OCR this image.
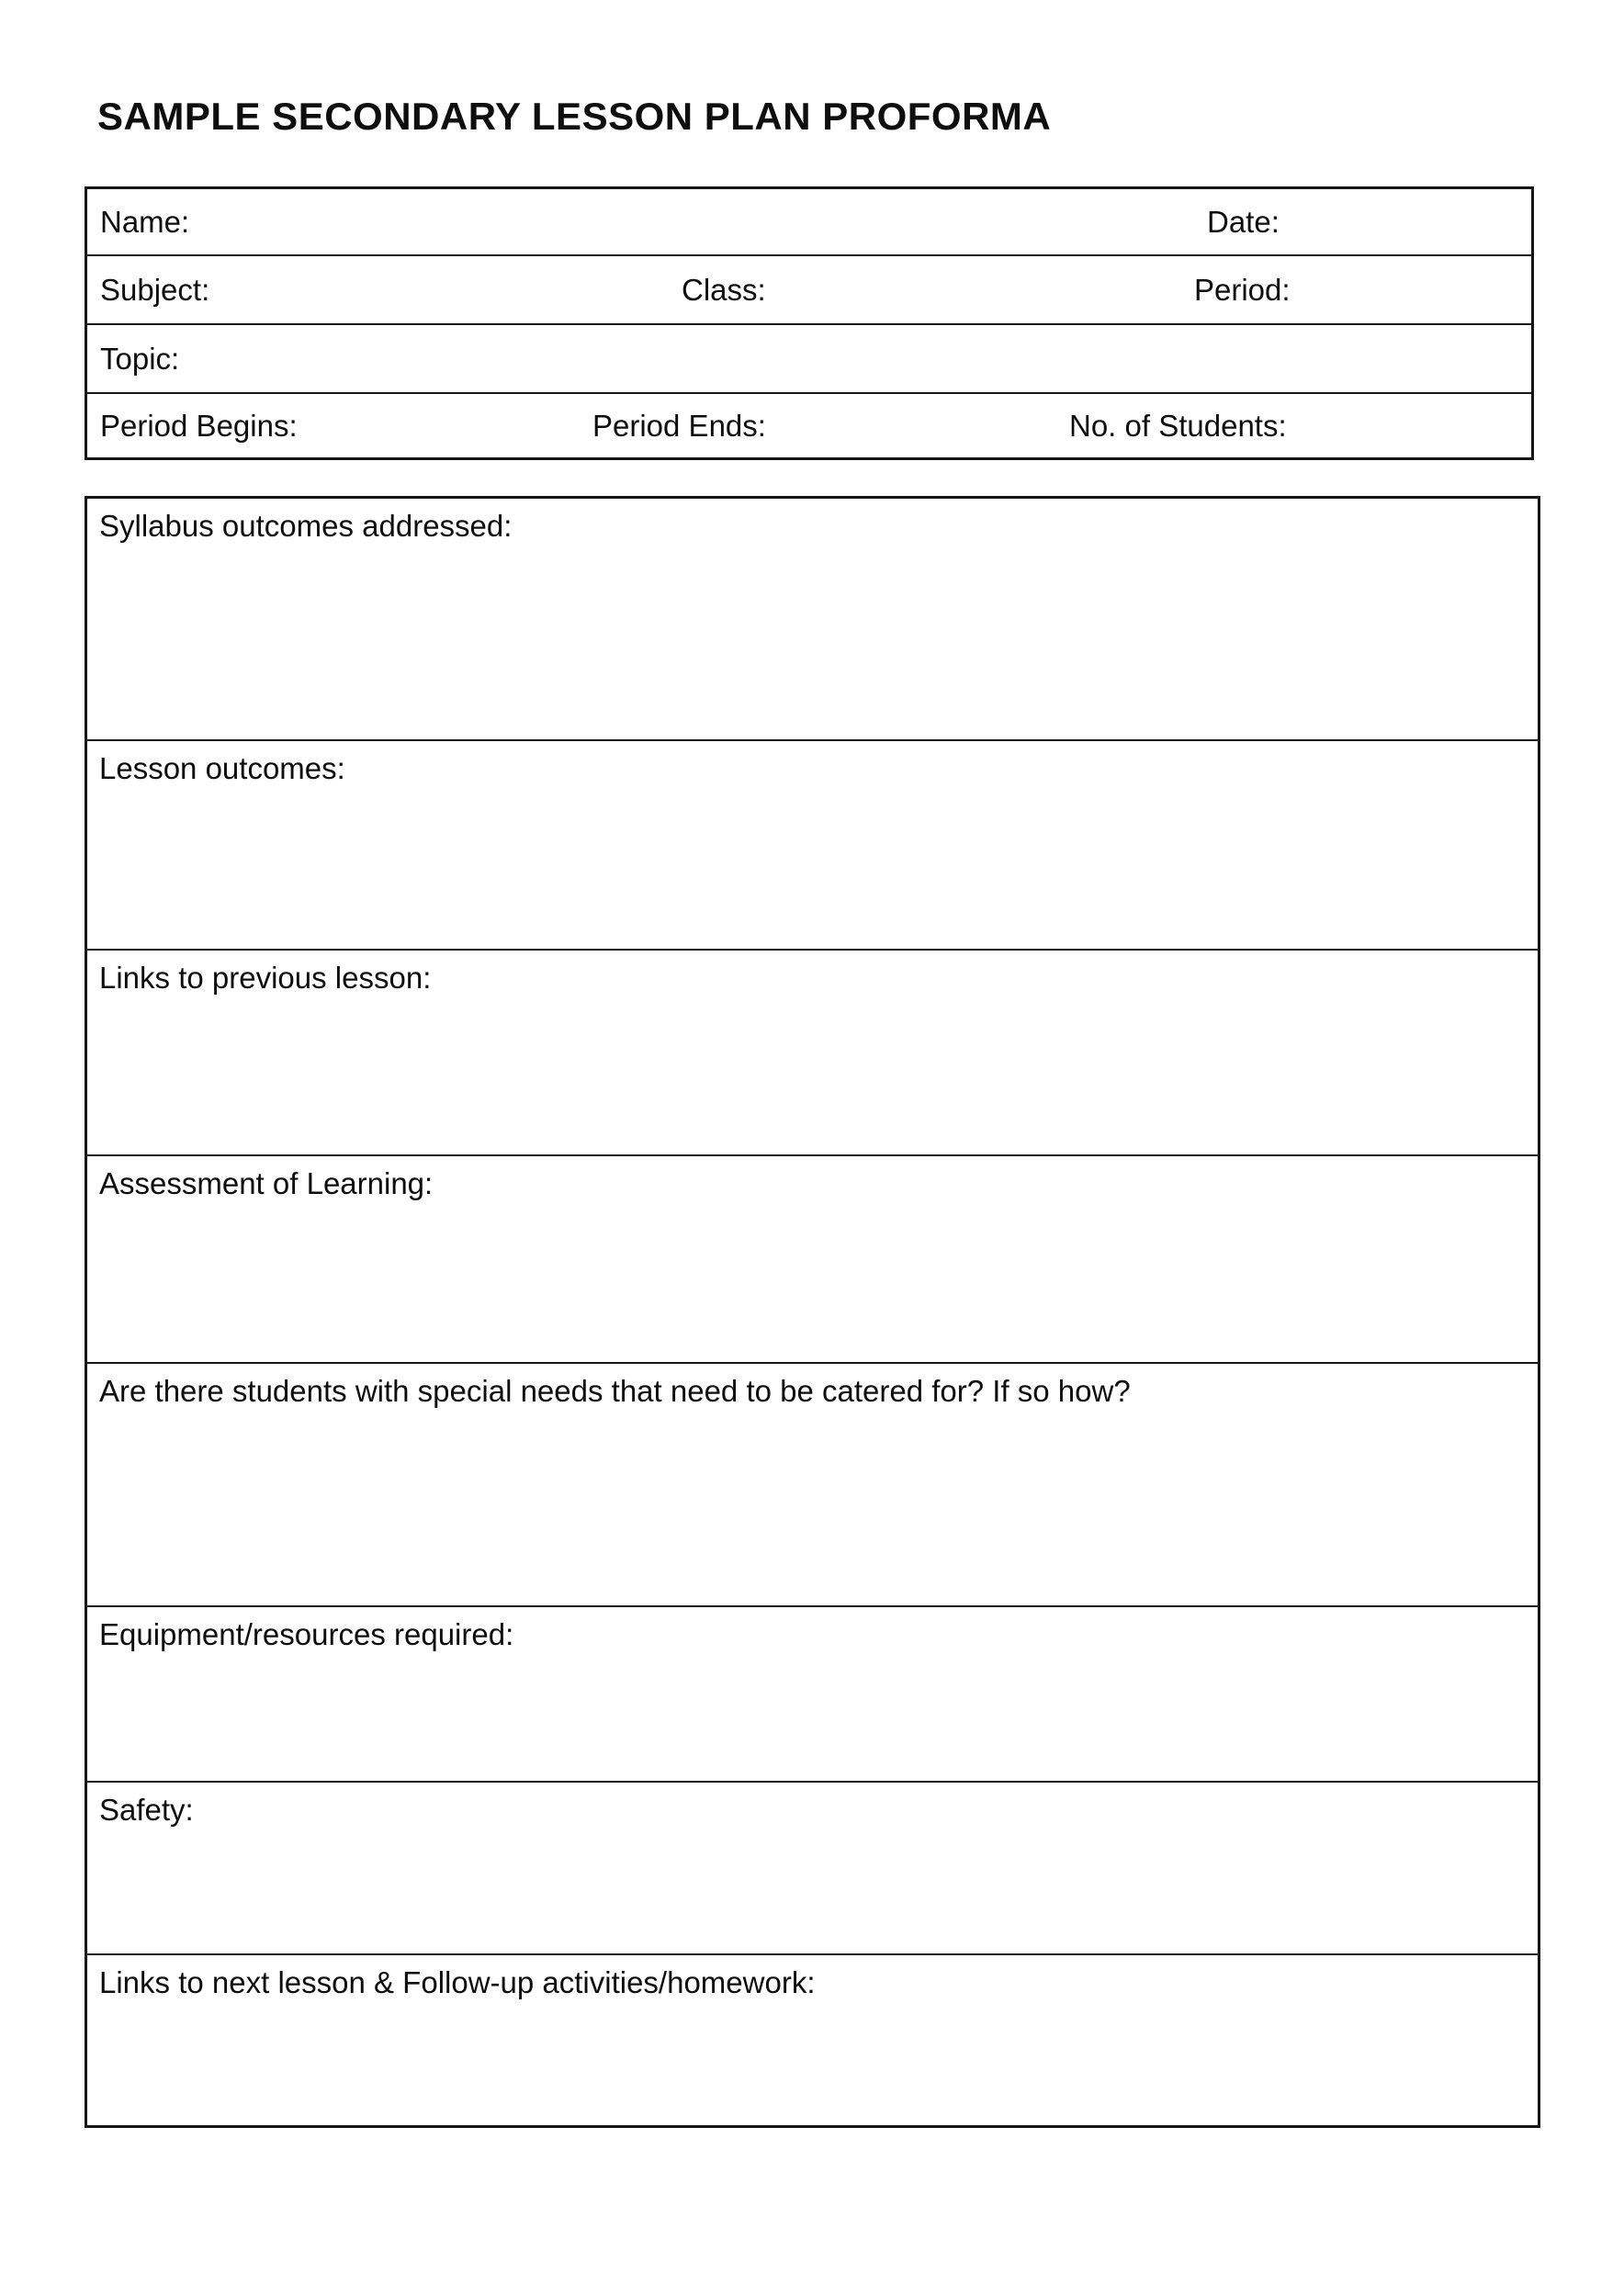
SAMPLE SECONDARY LESSON PLAN PROFORMA
Name:	Date:
Subject:	Class:	Period:
Topic:
Period Begins:	Period Ends:	No. of Students:
Syllabus outcomes addressed:
Lesson outcomes:
Links to previous lesson:
Assessment of Learning:
Are there students with special needs that need to be catered for? If so how?
Equipment/resources required:
Safety:
Links to next lesson & Follow-up activities/homework:
